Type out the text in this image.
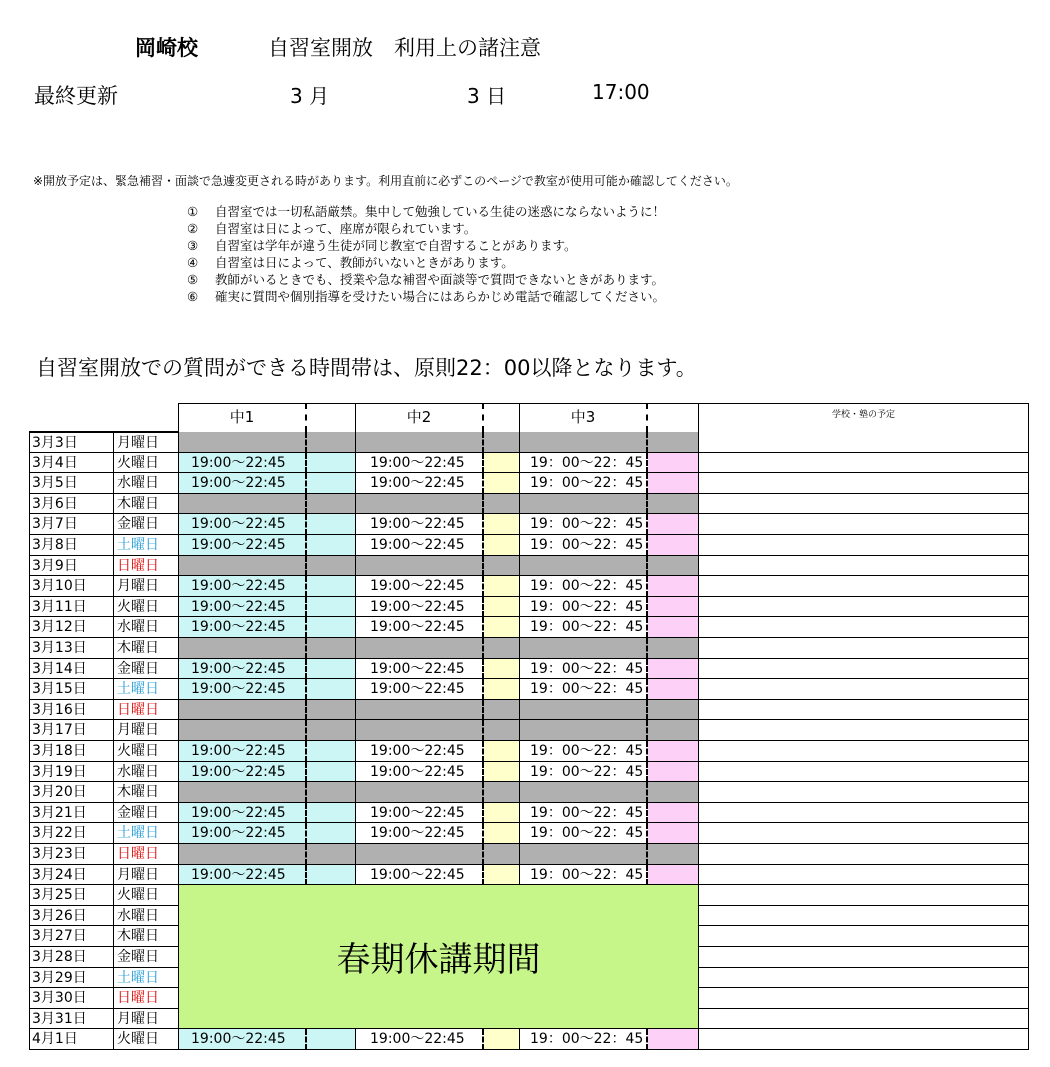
岡崎校	自習室開放　利用上の諸注意
最終更新	3 月	3 日	17:00
※開放予定は、緊急補習・面談で急遽変更される時があります。利用直前に必ずこのページで教室が使用可能か確認してください。
①	自習室では一切私語厳禁。集中して勉強している生徒の迷惑にならないように！
②	自習室は日によって、座席が限られています。
③	自習室は学年が違う生徒が同じ教室で自習することがあります。
④	自習室は日によって、教師がいないときがあります。
⑤	教師がいるときでも、授業や急な補習や面談等で質問できないときがあります。
⑥	確実に質問や個別指導を受けたい場合にはあらかじめ電話で確認してください。
自習室開放での質問ができる時間帯は、原則22：00以降となります。
中1	中2	中3	学校・塾の予定
3月3日	月曜日
3月4日	火曜日	19:00～22:45	19:00～22:45	19：00～22：45
3月5日	水曜日	19:00～22:45	19:00～22:45	19：00～22：45
3月6日	木曜日
3月7日	金曜日	19:00～22:45	19:00～22:45	19：00～22：45
3月8日	土曜日	19:00～22:45	19:00～22:45	19：00～22：45
3月9日	日曜日
3月10日	月曜日	19:00～22:45	19:00～22:45	19：00～22：45
3月11日	火曜日	19:00～22:45	19:00～22:45	19：00～22：45
3月12日	水曜日	19:00～22:45	19:00～22:45	19：00～22：45
3月13日	木曜日
3月14日	金曜日	19:00～22:45	19:00～22:45	19：00～22：45
3月15日	土曜日	19:00～22:45	19:00～22:45	19：00～22：45
3月16日	日曜日
3月17日	月曜日
3月18日	火曜日	19:00～22:45	19:00～22:45	19：00～22：45
3月19日	水曜日	19:00～22:45	19:00～22:45	19：00～22：45
3月20日	木曜日
3月21日	金曜日	19:00～22:45	19:00～22:45	19：00～22：45
3月22日	土曜日	19:00～22:45	19:00～22:45	19：00～22：45
3月23日	日曜日
3月24日	月曜日	19:00～22:45	19:00～22:45	19：00～22：45
3月25日	火曜日
3月26日	水曜日
3月27日	木曜日
3月28日	金曜日
3月29日	土曜日
3月30日	日曜日
3月31日	月曜日
4月1日	火曜日	19:00～22:45	19:00～22:45	19：00～22：45
春期休講期間
